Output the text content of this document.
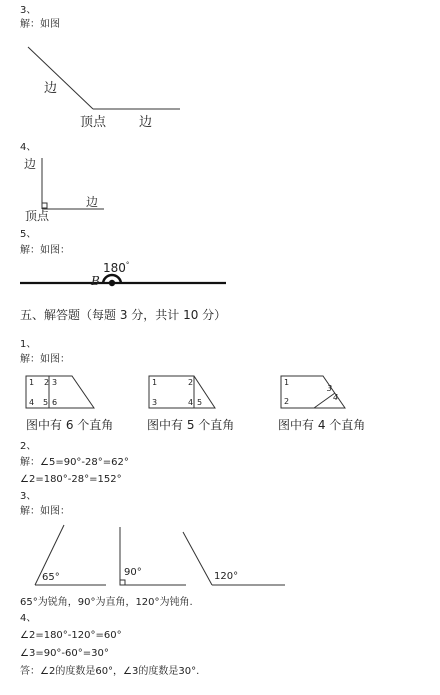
3、
解：如图
边
顶点	边
4、
边
边
顶点
5、
解：如图：
180°
B
五、解答题（每题 3 分，共计 10 分）
1、
解：如图：
1 2 3
4 5 6
图中有 6 个直角
1	2
3	4 5
图中有 5 个直角
1
2
3
4
图中有 4 个直角
2、
解：∠5=90°-28°=62°
∠2=180°-28°=152°
3、
解：如图：
65°	90°	120°
65°为锐角，90°为直角，120°为钝角.
4、
∠2=180°-120°=60°
∠3=90°-60°=30°
答：∠2的度数是60°，∠3的度数是30°.
